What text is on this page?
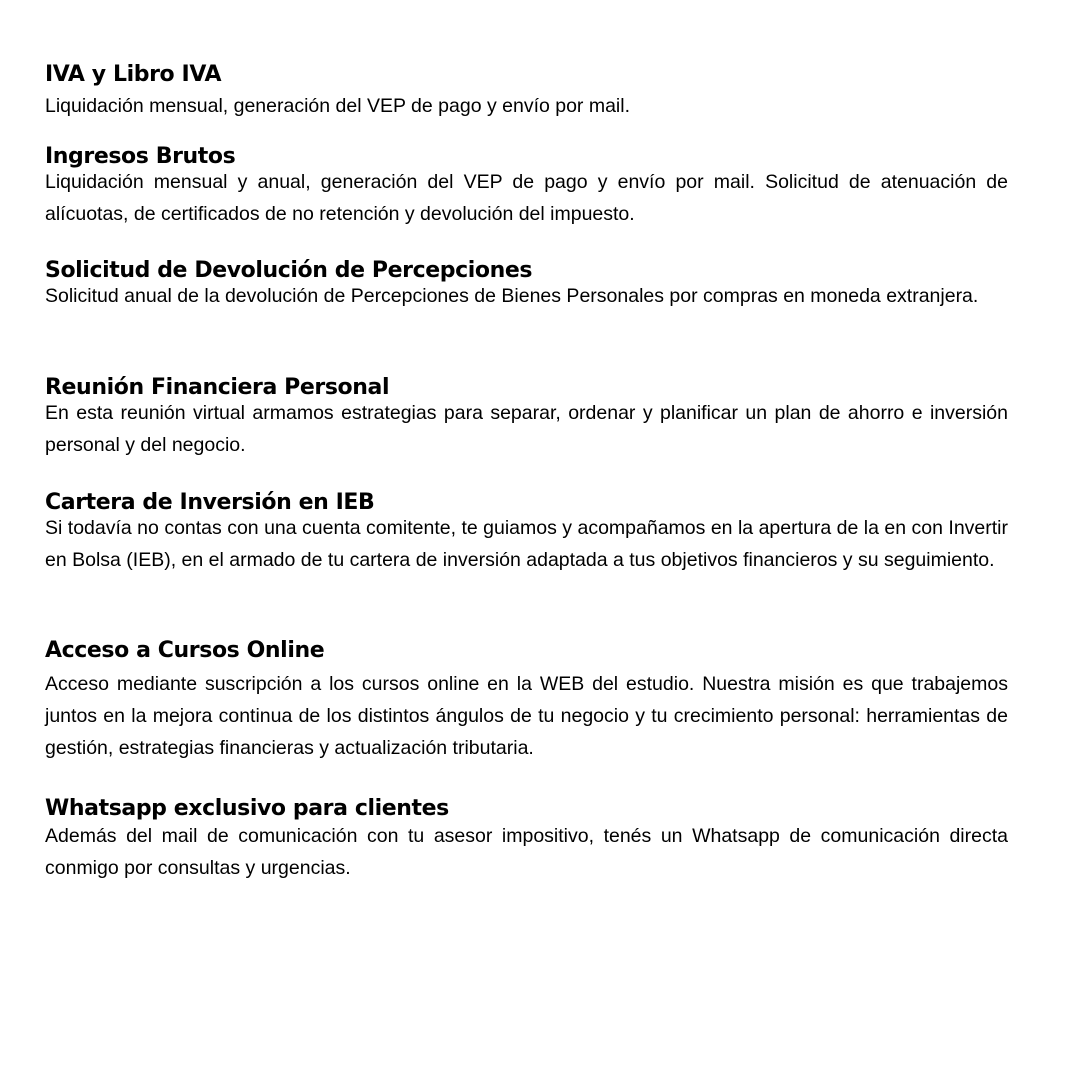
IVA y Libro IVA

Liquidación mensual, generación del VEP de pago y envío por mail.

Ingresos Brutos

Liquidación mensual y anual, generación del VEP de pago y envío por mail. Solicitud de atenuación de alícuotas, de certificados de no retención y devolución del impuesto.

Solicitud de Devolución de Percepciones

Solicitud anual de la devolución de Percepciones de Bienes Personales por compras en moneda extranjera.

Reunión Financiera Personal

En esta reunión virtual armamos estrategias para separar, ordenar y planificar un plan de ahorro e inversión personal y del negocio.

Cartera de Inversión en IEB

Si todavía no contas con una cuenta comitente, te guiamos y acompañamos en la apertura de la en con Invertir en Bolsa (IEB), en el armado de tu cartera de inversión adaptada a tus objetivos financieros y su seguimiento.

Acceso a Cursos Online

Acceso mediante suscripción a los cursos online en la WEB del estudio. Nuestra misión es que trabajemos juntos en la mejora continua de los distintos ángulos de tu negocio y tu crecimiento personal: herramientas de gestión, estrategias financieras y actualización tributaria.

Whatsapp exclusivo para clientes

Además del mail de comunicación con tu asesor impositivo, tenés un Whatsapp de comunicación directa conmigo por consultas y urgencias.
